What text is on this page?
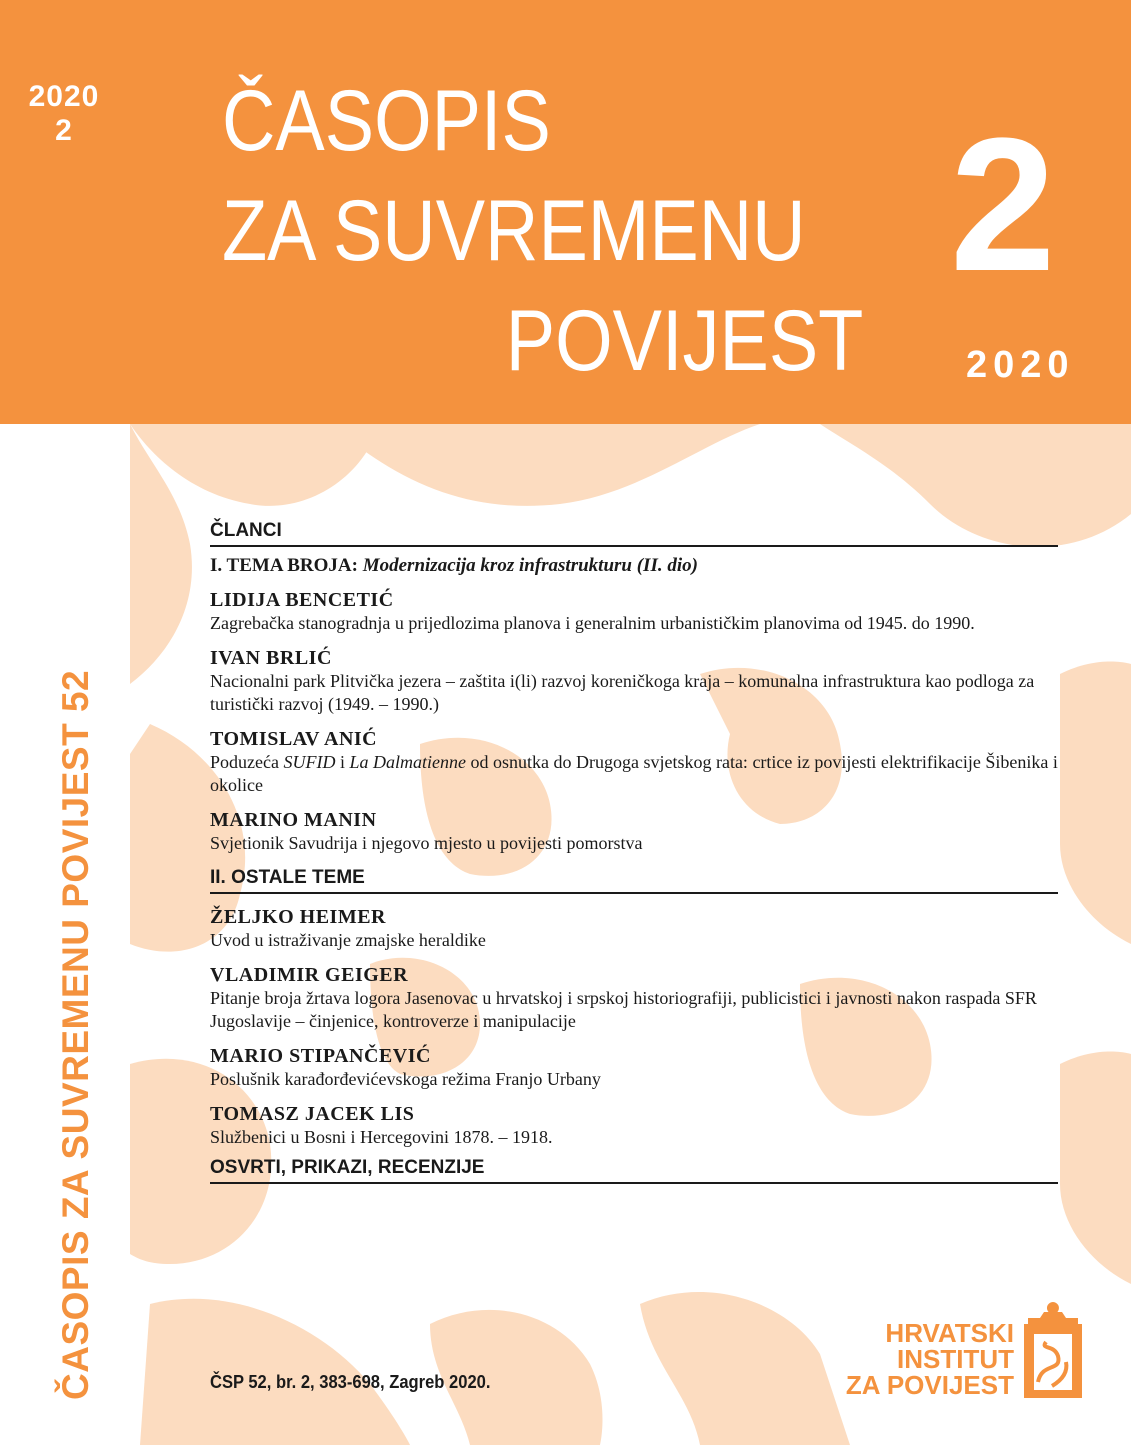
2020
2	ČASOPIS
ZA SUVREMENU
POVIJEST
2
2020
ČASOPIS ZA SUVREMENU POVIJEST 52
ČLANCI
I. TEMA BROJA: Modernizacija kroz infrastrukturu (II. dio)
LIDIJA BENCETIĆ
Zagrebačka stanogradnja u prijedlozima planova i generalnim urbanističkim planovima od 1945. do 1990.
IVAN BRLIĆ
Nacionalni park Plitvička jezera – zaštita i(li) razvoj koreničkoga kraja – komunalna infrastruktura kao podloga za turistički razvoj (1949. – 1990.)
TOMISLAV ANIĆ
Poduzeća SUFID i La Dalmatienne od osnutka do Drugoga svjetskog rata: crtice iz povijesti elektrifikacije Šibenika i okolice
MARINO MANIN
Svjetionik Savudrija i njegovo mjesto u povijesti pomorstva
II. OSTALE TEME
ŽELJKO HEIMER
Uvod u istraživanje zmajske heraldike
VLADIMIR GEIGER
Pitanje broja žrtava logora Jasenovac u hrvatskoj i srpskoj historiografiji, publicistici i javnosti nakon raspada SFR Jugoslavije – činjenice, kontroverze i manipulacije
MARIO STIPANČEVIĆ
Poslušnik karađorđevićevskoga režima Franjo Urbany
TOMASZ JACEK LIS
Službenici u Bosni i Hercegovini 1878. – 1918.
OSVRTI, PRIKAZI, RECENZIJE
ČSP 52, br. 2, 383-698, Zagreb 2020.
HRVATSKI
INSTITUT
ZA POVIJEST
